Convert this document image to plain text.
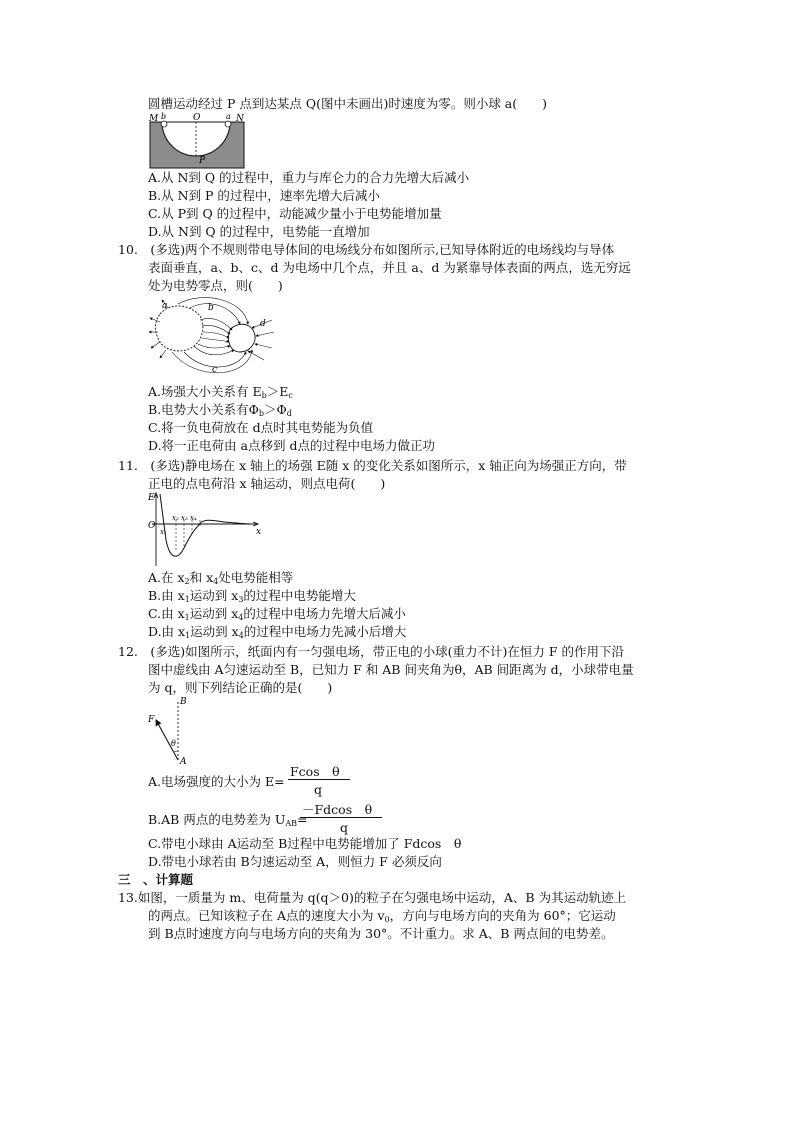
圆槽运动经过 P 点到达某点 Q(图中未画出)时速度为零。则小球 a(　　)
M b	O	a N
P
A.从 N到 Q 的过程中，重力与库仑力的合力先增大后减小
B.从 N到 P 的过程中，速率先增大后减小
C.从 P到 Q 的过程中，动能减少量小于电势能增加量
D.从 N到 Q 的过程中，电势能一直增加
10.　(多选)两个不规则带电导体间的电场线分布如图所示,已知导体附近的电场线均与导体
表面垂直，a、b、c、d 为电场中几个点，并且 a、d 为紧靠导体表面的两点，选无穷远
处为电势零点，则(　　)
a	b
c
d
A.场强大小关系有 $E_b>E_c$
B.电势大小关系有$\Phi_b>\Phi_d$
C.将一负电荷放在 d点时其电势能为负值
D.将一正电荷由 a点移到 d点的过程中电场力做正功
11.　(多选)静电场在 x 轴上的场强 E随 x 的变化关系如图所示，x 轴正向为场强正方向，带
正电的点电荷沿 x 轴运动，则点电荷(　　)
E
O
x
x₁
x₂ x₃ x₄
A.在 $x_2$和 $x_4$处电势能相等
B.由 $x_1$运动到 $x_3$的过程中电势能增大
C.由 $x_1$运动到 $x_4$的过程中电场力先增大后减小
D.由 $x_1$运动到 $x_4$的过程中电场力先减小后增大
12.　(多选)如图所示，纸面内有一匀强电场，带正电的小球(重力不计)在恒力 F 的作用下沿
图中虚线由 A匀速运动至 B，已知力 F 和 AB 间夹角为θ，AB 间距离为 d，小球带电量
为 q，则下列结论正确的是(　　)
B
F
θ
A
A.电场强度的大小为 E=
Fcos　θ
q
B.AB 两点的电势差为 $U_{AB}=$
－Fdcos　θ
q
C.带电小球由 A运动至 B过程中电势能增加了 Fdcos　θ
D.带电小球若由 B匀速运动至 A，则恒力 F 必须反向
三　、计算题
13.如图，一质量为 m、电荷量为 q(q＞0)的粒子在匀强电场中运动，A、B 为其运动轨迹上
的两点。已知该粒子在 A点的速度大小为 $v_0$，方向与电场方向的夹角为 60°；它运动
到 B点时速度方向与电场方向的夹角为 30°。不计重力。求 A、B 两点间的电势差。
